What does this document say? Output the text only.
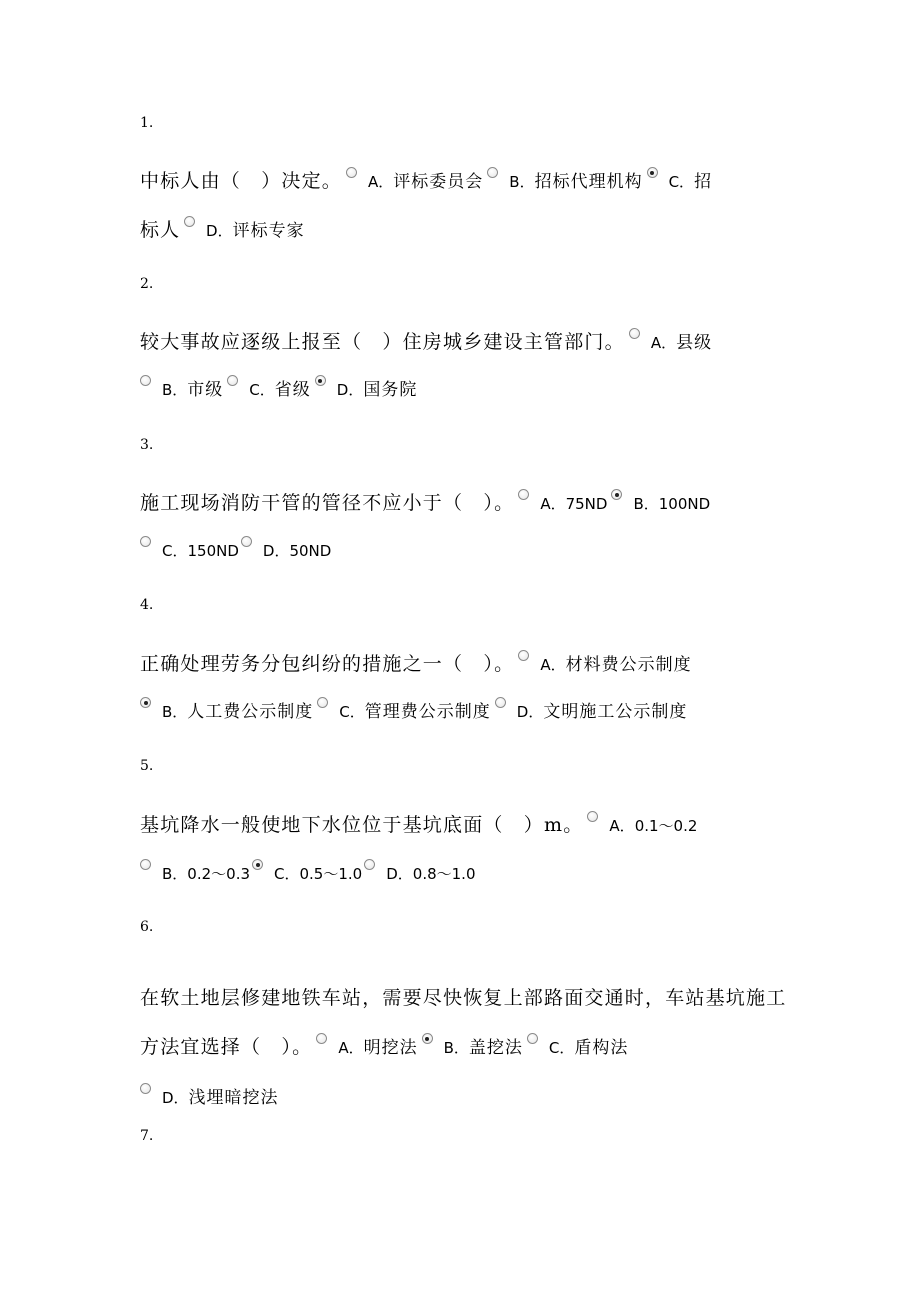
1.
中标人由（　）决定。 A．评标委员会 B．招标代理机构 C．招
标人 D．评标专家
2.
较大事故应逐级上报至（　）住房城乡建设主管部门。 A．县级
B．市级 C．省级 D．国务院
3.
施工现场消防干管的管径不应小于（　）。 A．75ND B．100ND
C．150ND D．50ND
4.
正确处理劳务分包纠纷的措施之一（　）。 A．材料费公示制度
B．人工费公示制度 C．管理费公示制度 D．文明施工公示制度
5.
基坑降水一般使地下水位位于基坑底面（　）m。 A．0.1～0.2
B．0.2～0.3 C．0.5～1.0 D．0.8～1.0
6.
在软土地层修建地铁车站，需要尽快恢复上部路面交通时，车站基坑施工方法宜选择（　）。 A．明挖法 B．盖挖法 C．盾构法
D．浅埋暗挖法
7.
